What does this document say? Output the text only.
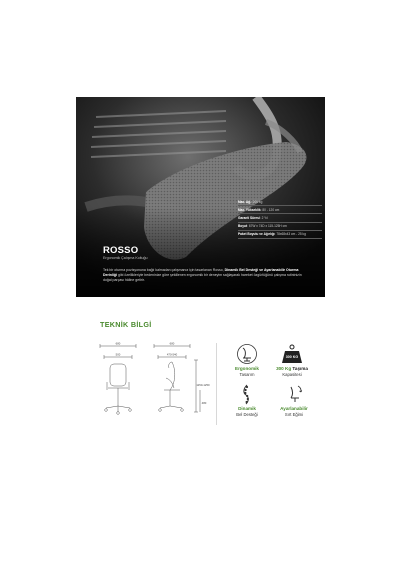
Max. Ağ.: 200 kg
Max. Yükseklik: 80 - 120 cm
Garanti Süresi: 2 Yıl
Boyut: 67W x 74D x 115-125H cm
Paket Boyutu ve Ağırlığı: 78x68x43 cm - 25 kg
ROSSO
Ergonomik Çalışma Koltuğu
Tek bir oturma pozisyonuna bağlı kalmadan çalışmanız için tasarlanan Rosso, Dinamik Bel Desteği ve Ayarlanabilir Oturma Derinliği gibi özellikleriyle bedeninize göre şekillenen ergonomik bir deneyim sağlayarak hareket özgürlüğünü çalışma rutininizin doğal parçası hâline getirir.
TEKNİK BİLGİ
680
500
680
470-540
1150-1250
480
Ergonomik
Tasarım
300 KG
300 Kg Taşıma
Kapasitesi
Dinamik
Bel Desteği
Ayarlanabilir
Sırt Eğimi
